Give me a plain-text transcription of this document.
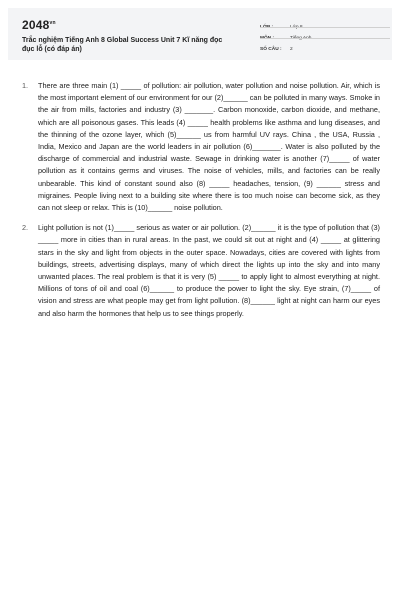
$2048^{vn}$
Trắc nghiệm Tiếng Anh 8 Global Success Unit 7 Kĩ năng đọc đục lỗ (có đáp án)
LỚP :	Lớp 8
MÔN :	Tiếng Anh
SỐ CÂU :	2
1. There are three main (1) _____ of pollution: air pollution, water pollution and noise pollution. Air, which is the most important element of our environment for our (2)______ can be polluted in many ways. Smoke in the air from mills, factories and industry (3) _______. Carbon monoxide, carbon dioxide, and methane, which are all poisonous gases. This leads (4) _____ health problems like asthma and lung diseases, and the thinning of the ozone layer, which (5)______ us from harmful UV rays. China , the USA, Russia , India, Mexico and Japan are the world leaders in air pollution (6)_______. Water is also polluted by the discharge of commercial and industrial waste. Sewage in drinking water is another (7)_____ of water pollution as it contains germs and viruses. The noise of vehicles, mills, and factories can be really unbearable. This kind of constant sound also (8) _____ headaches, tension, (9) ______ stress and migraines. People living next to a building site where there is too much noise can become sick, as they can not sleep or relax. This is (10)______ noise pollution.
2. Light pollution is not (1)_____ serious as water or air pollution. (2)______ it is the type of pollution that (3) _____ more in cities than in rural areas. In the past, we could sit out at night and (4) _____ at glittering stars in the sky and light from objects in the outer space. Nowadays, cities are covered with lights from buildings, streets, advertising displays, many of which direct the lights up into the sky and into many unwanted places. The real problem is that it is very (5) _____ to apply light to almost everything at night. Millions of tons of oil and coal (6)______ to produce the power to light the sky. Eye strain, (7)_____ of vision and stress are what people may get from light pollution. (8)______ light at night can harm our eyes and also harm the hormones that help us to see things properly.
